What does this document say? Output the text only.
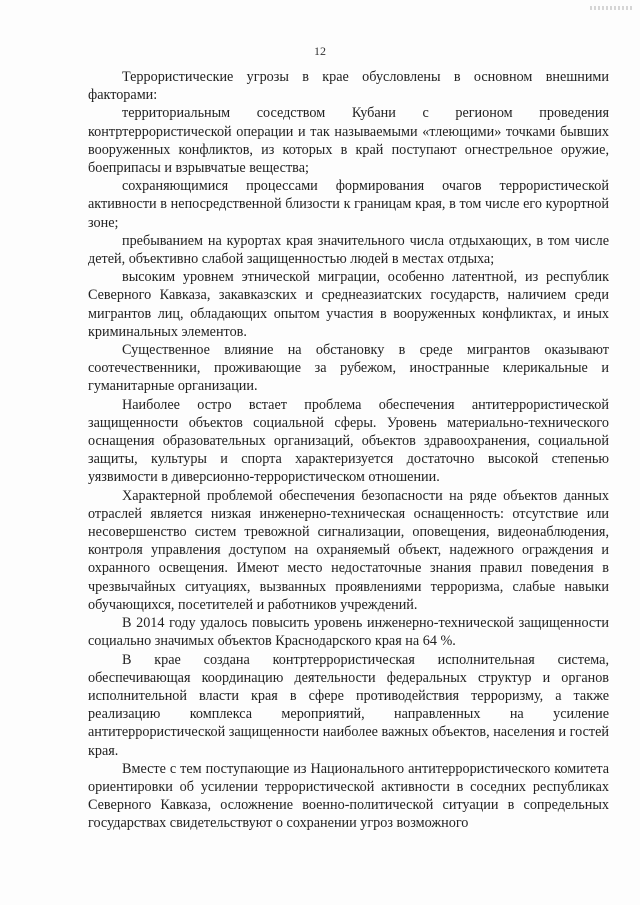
12

Террористические угрозы в крае обусловлены в основном внешними факторами:

территориальным соседством Кубани с регионом проведения контртеррористической операции и так называемыми «тлеющими» точками бывших вооруженных конфликтов, из которых в край поступают огнестрельное оружие, боеприпасы и взрывчатые вещества;

сохраняющимися процессами формирования очагов террористической активности в непосредственной близости к границам края, в том числе его курортной зоне;

пребыванием на курортах края значительного числа отдыхающих, в том числе детей, объективно слабой защищенностью людей в местах отдыха;

высоким уровнем этнической миграции, особенно латентной, из республик Северного Кавказа, закавказских и среднеазиатских государств, наличием среди мигрантов лиц, обладающих опытом участия в вооруженных конфликтах, и иных криминальных элементов.

Существенное влияние на обстановку в среде мигрантов оказывают соотечественники, проживающие за рубежом, иностранные клерикальные и гуманитарные организации.

Наиболее остро встает проблема обеспечения антитеррористической защищенности объектов социальной сферы. Уровень материально-технического оснащения образовательных организаций, объектов здравоохранения, социальной защиты, культуры и спорта характеризуется достаточно высокой степенью уязвимости в диверсионно-террористическом отношении.

Характерной проблемой обеспечения безопасности на ряде объектов данных отраслей является низкая инженерно-техническая оснащенность: отсутствие или несовершенство систем тревожной сигнализации, оповещения, видеонаблюдения, контроля управления доступом на охраняемый объект, надежного ограждения и охранного освещения. Имеют место недостаточные знания правил поведения в чрезвычайных ситуациях, вызванных проявлениями терроризма, слабые навыки обучающихся, посетителей и работников учреждений.

В 2014 году удалось повысить уровень инженерно-технической защищенности социально значимых объектов Краснодарского края на 64 %.

В крае создана контртеррористическая исполнительная система, обеспечивающая координацию деятельности федеральных структур и органов исполнительной власти края в сфере противодействия терроризму, а также реализацию комплекса мероприятий, направленных на усиление антитеррористической защищенности наиболее важных объектов, населения и гостей края.

Вместе с тем поступающие из Национального антитеррористического комитета ориентировки об усилении террористической активности в соседних республиках Северного Кавказа, осложнение военно-политической ситуации в сопредельных государствах свидетельствуют о сохранении угроз возможного
